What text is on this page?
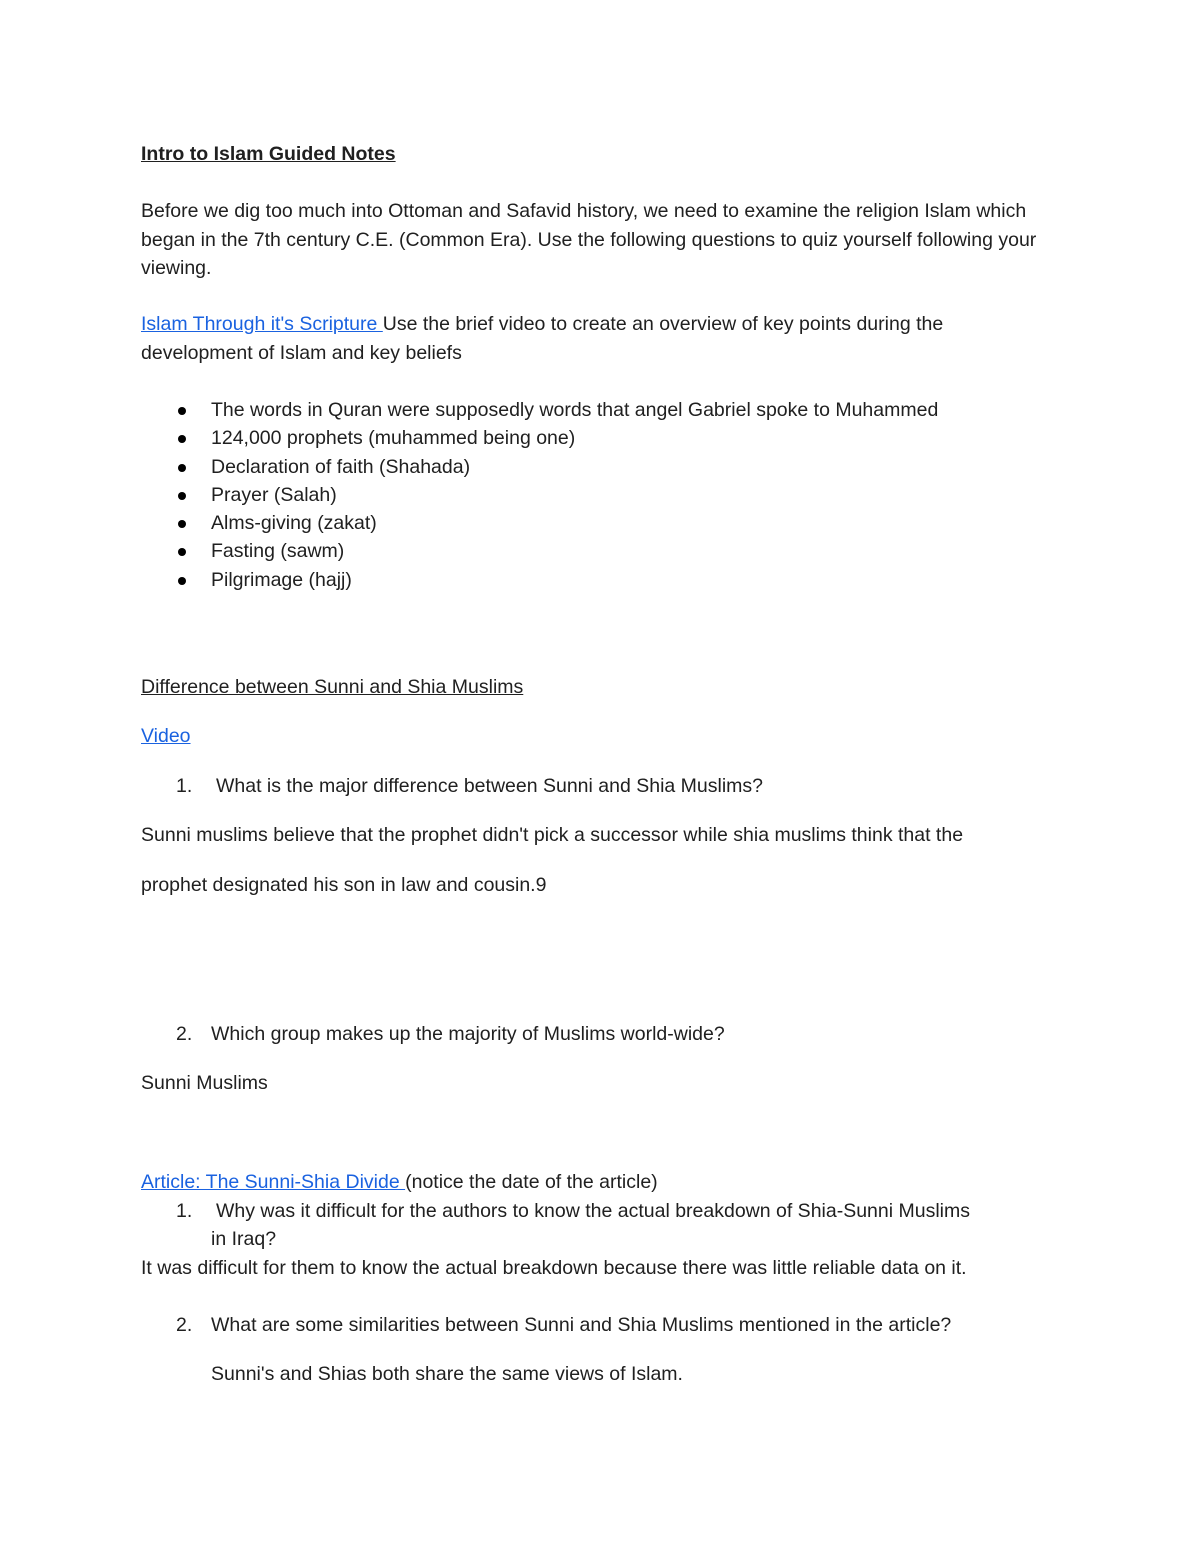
Intro to Islam Guided Notes
Before we dig too much into Ottoman and Safavid history, we need to examine the religion Islam which began in the 7th century C.E. (Common Era). Use the following questions to quiz yourself following your viewing.
Islam Through it's Scripture Use the brief video to create an overview of key points during the
development of Islam and key beliefs
The words in Quran were supposedly words that angel Gabriel spoke to Muhammed
124,000 prophets (muhammed being one)
Declaration of faith (Shahada)
Prayer (Salah)
Alms-giving (zakat)
Fasting (sawm)
Pilgrimage (hajj)
Difference between Sunni and Shia Muslims
Video
1. What is the major difference between Sunni and Shia Muslims?
Sunni muslims believe that the prophet didn't pick a successor while shia muslims think that the
prophet designated his son in law and cousin.9
2. Which group makes up the majority of Muslims world-wide?
Sunni Muslims
Article: The Sunni-Shia Divide (notice the date of the article)
1. Why was it difficult for the authors to know the actual breakdown of Shia-Sunni Muslims
in Iraq?
It was difficult for them to know the actual breakdown because there was little reliable data on it.
2. What are some similarities between Sunni and Shia Muslims mentioned in the article?
Sunni's and Shias both share the same views of Islam.
